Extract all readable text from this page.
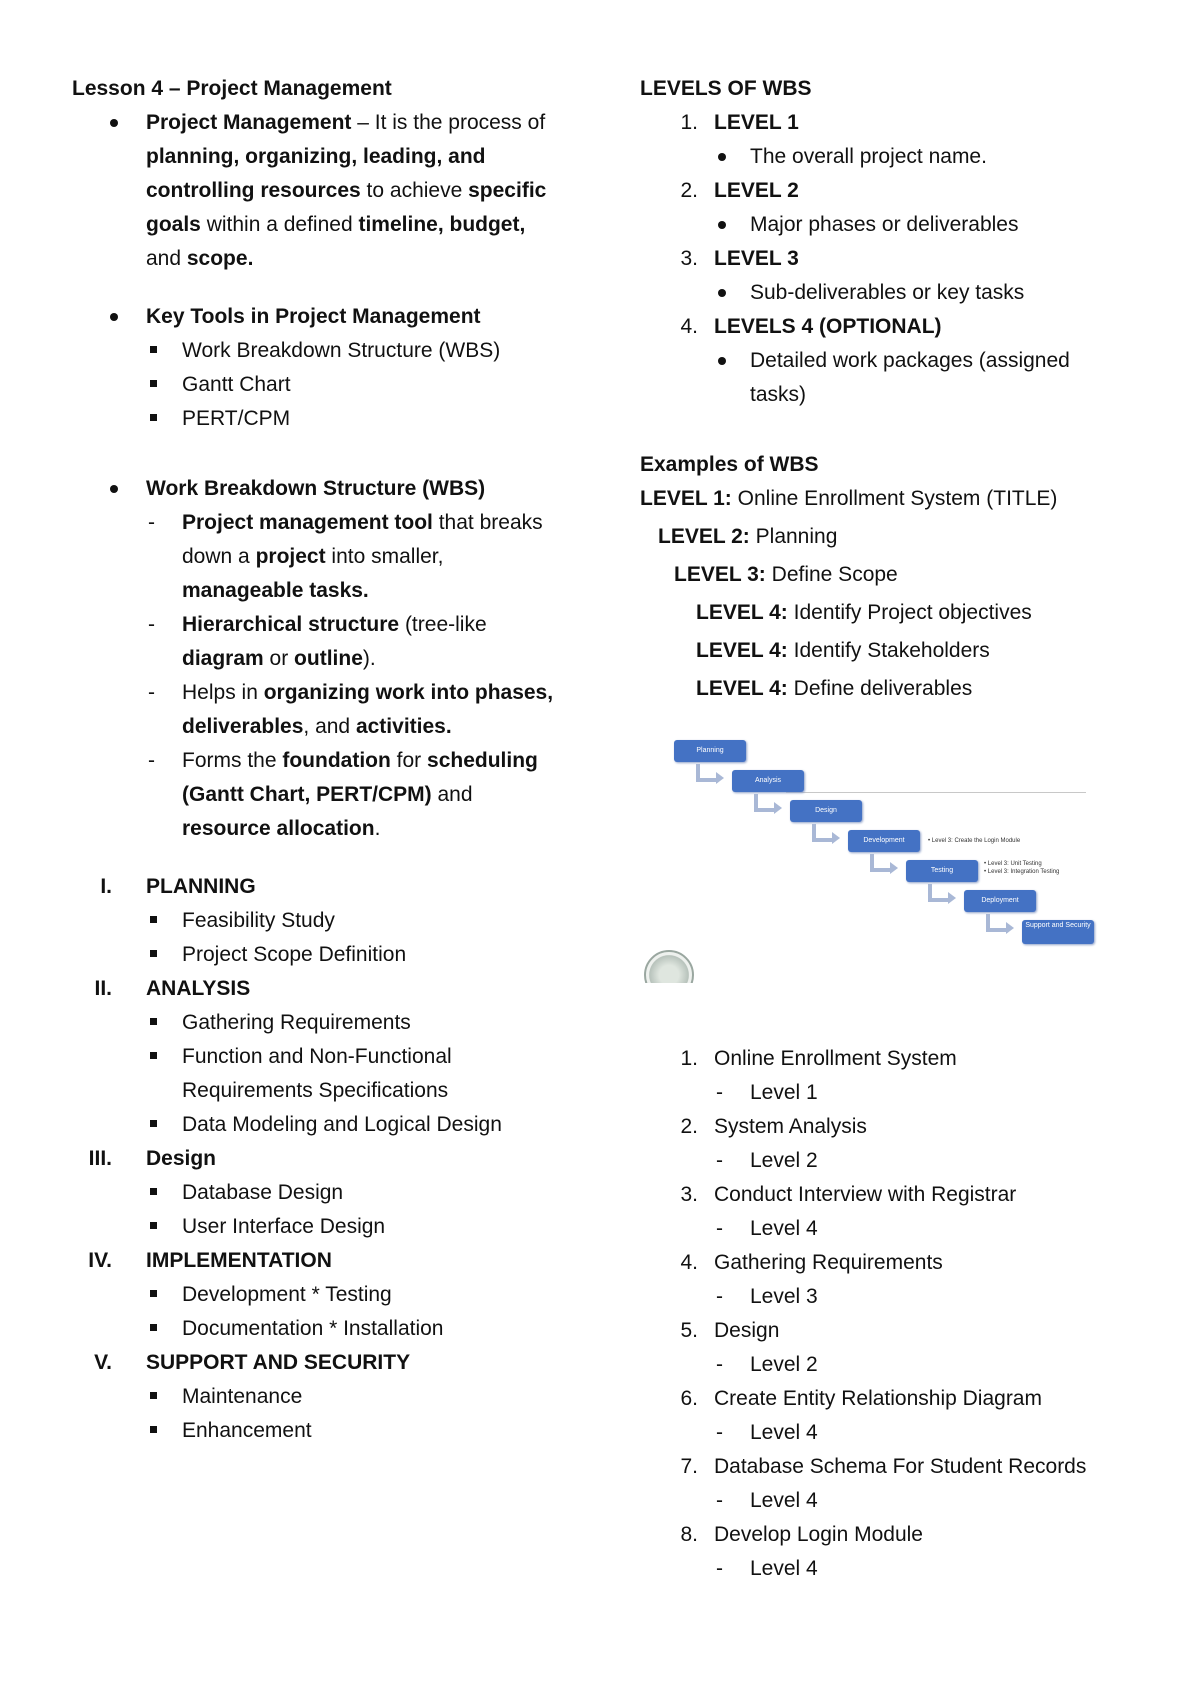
Lesson 4 – Project Management
Project Management – It is the process of
planning, organizing, leading, and
controlling resources to achieve specific
goals within a defined timeline, budget,
and scope.
Key Tools in Project Management
Work Breakdown Structure (WBS)
Gantt Chart
PERT/CPM
Work Breakdown Structure (WBS)
- Project management tool that breaks
down a project into smaller,
manageable tasks.
- Hierarchical structure (tree-like
diagram or outline).
- Helps in organizing work into phases,
deliverables, and activities.
- Forms the foundation for scheduling
(Gantt Chart, PERT/CPM) and
resource allocation.
I. PLANNING
Feasibility Study
Project Scope Definition
II. ANALYSIS
Gathering Requirements
Function and Non-Functional
Requirements Specifications
Data Modeling and Logical Design
III. Design
Database Design
User Interface Design
IV. IMPLEMENTATION
Development * Testing
Documentation * Installation
V. SUPPORT AND SECURITY
Maintenance
Enhancement
LEVELS OF WBS
1. LEVEL 1
The overall project name.
2. LEVEL 2
Major phases or deliverables
3. LEVEL 3
Sub-deliverables or key tasks
4. LEVELS 4 (OPTIONAL)
Detailed work packages (assigned
tasks)
Examples of WBS
LEVEL 1: Online Enrollment System (TITLE)
LEVEL 2: Planning
LEVEL 3: Define Scope
LEVEL 4: Identify Project objectives
LEVEL 4: Identify Stakeholders
LEVEL 4: Define deliverables
Planning
Analysis
Design
Development	• Level 3: Create the Login Module
Testing
• Level 3: Unit Testing
• Level 3: Integration Testing
Deployment
Support and Security
1. Online Enrollment System
- Level 1
2. System Analysis
- Level 2
3. Conduct Interview with Registrar
- Level 4
4. Gathering Requirements
- Level 3
5. Design
- Level 2
6. Create Entity Relationship Diagram
- Level 4
7. Database Schema For Student Records
- Level 4
8. Develop Login Module
- Level 4
